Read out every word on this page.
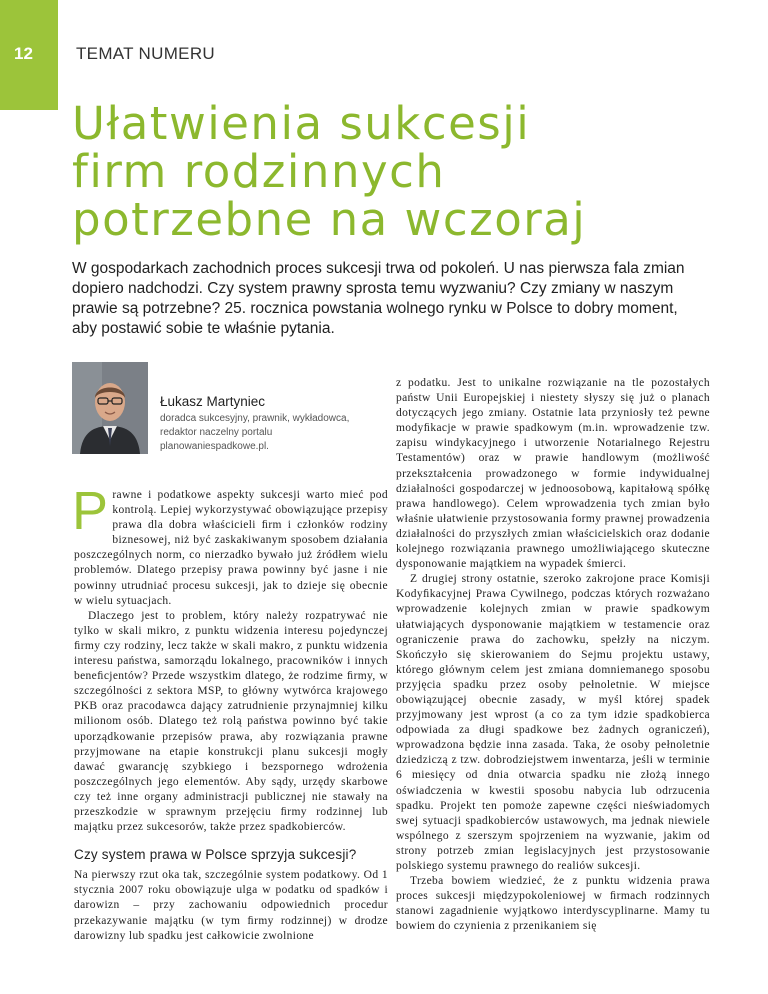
12	TEMAT NUMERU
Ułatwienia sukcesji
firm rodzinnych
potrzebne na wczoraj

W gospodarkach zachodnich proces sukcesji trwa od pokoleń. U nas pierwsza fala zmian dopiero nadchodzi. Czy system prawny sprosta temu wyzwaniu? Czy zmiany w naszym prawie są potrzebne? 25. rocznica powstania wolnego rynku w Polsce to dobry moment, aby postawić sobie te właśnie pytania.

Łukasz Martyniec
doradca sukcesyjny, prawnik, wykładowca, redaktor naczelny portalu planowaniespadkowe.pl.

Prawne i podatkowe aspekty sukcesji warto mieć pod kontrolą. Lepiej wykorzystywać obowiązujące przepisy prawa dla dobra właścicieli ﬁrm i członków rodziny biznesowej, niż być zaskakiwanym sposobem działania poszczególnych norm, co nierzadko bywało już źródłem wielu problemów. Dlatego przepisy prawa powinny być jasne i nie powinny utrudniać procesu sukcesji, jak to dzieje się obecnie w wielu sytuacjach.

Dlaczego jest to problem, który należy rozpatrywać nie tylko w skali mikro, z punktu widzenia interesu pojedynczej ﬁrmy czy rodziny, lecz także w skali makro, z punktu widzenia interesu państwa, samorządu lokalnego, pracowników i innych beneﬁcjentów? Przede wszystkim dlatego, że rodzime ﬁrmy, w szczególności z sektora MSP, to główny wytwórca krajowego PKB oraz pracodawca dający zatrudnienie przynajmniej kilku milionom osób. Dlatego też rolą państwa powinno być takie uporządkowanie przepisów prawa, aby rozwiązania prawne przyjmowane na etapie konstrukcji planu sukcesji mogły dawać gwarancję szybkiego i bezspornego wdrożenia poszczególnych jego elementów. Aby sądy, urzędy skarbowe czy też inne organy administracji publicznej nie stawały na przeszkodzie w sprawnym przejęciu ﬁrmy rodzinnej lub majątku przez sukcesorów, także przez spadkobierców.

Czy system prawa w Polsce sprzyja sukcesji?

Na pierwszy rzut oka tak, szczególnie system podatkowy. Od 1 stycznia 2007 roku obowiązuje ulga w podatku od spadków i darowizn – przy zachowaniu odpowiednich procedur przekazywanie majątku (w tym ﬁrmy rodzinnej) w drodze darowizny lub spadku jest całkowicie zwolnione

z podatku. Jest to unikalne rozwiązanie na tle pozostałych państw Unii Europejskiej i niestety słyszy się już o planach dotyczących jego zmiany. Ostatnie lata przyniosły też pewne modyﬁkacje w prawie spadkowym (m.in. wprowadzenie tzw. zapisu windykacyjnego i utworzenie Notarialnego Rejestru Testamentów) oraz w prawie handlowym (możliwość przekształcenia prowadzonego w formie indywidualnej działalności gospodarczej w jednoosobową, kapitałową spółkę prawa handlowego). Celem wprowadzenia tych zmian było właśnie ułatwienie przystosowania formy prawnej prowadzenia działalności do przyszłych zmian właścicielskich oraz dodanie kolejnego rozwiązania prawnego umożliwiającego skuteczne dysponowanie majątkiem na wypadek śmierci.

Z drugiej strony ostatnie, szeroko zakrojone prace Komisji Kodyﬁkacyjnej Prawa Cywilnego, podczas których rozważano wprowadzenie kolejnych zmian w prawie spadkowym ułatwiających dysponowanie majątkiem w testamencie oraz ograniczenie prawa do zachowku, spełzły na niczym. Skończyło się skierowaniem do Sejmu projektu ustawy, którego głównym celem jest zmiana domniemanego sposobu przyjęcia spadku przez osoby pełnoletnie. W miejsce obowiązującej obecnie zasady, w myśl której spadek przyjmowany jest wprost (a co za tym idzie spadkobierca odpowiada za długi spadkowe bez żadnych ograniczeń), wprowadzona będzie inna zasada. Taka, że osoby pełnoletnie dziedziczą z tzw. dobrodziejstwem inwentarza, jeśli w terminie 6 miesięcy od dnia otwarcia spadku nie złożą innego oświadczenia w kwestii sposobu nabycia lub odrzucenia spadku. Projekt ten pomoże zapewne części nieświadomych swej sytuacji spadkobierców ustawowych, ma jednak niewiele wspólnego z szerszym spojrzeniem na wyzwanie, jakim od strony potrzeb zmian legislacyjnych jest przystosowanie polskiego systemu prawnego do realiów sukcesji.

Trzeba bowiem wiedzieć, że z punktu widzenia prawa proces sukcesji międzypokoleniowej w ﬁrmach rodzinnych stanowi zagadnienie wyjątkowo interdyscyplinarne. Mamy tu bowiem do czynienia z przenikaniem się
